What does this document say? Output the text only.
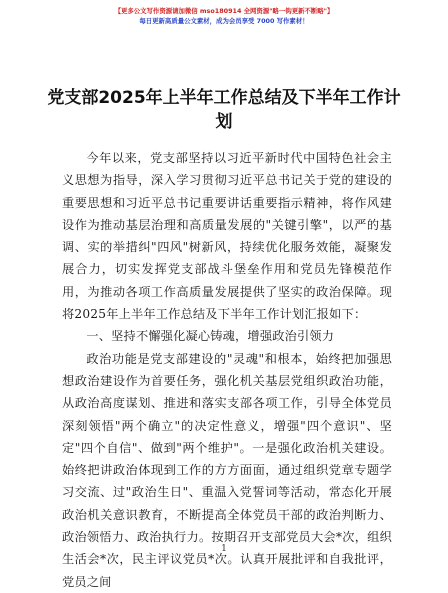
【更多公文写作资源请加微信 mso180914 全网资源"略一钩更新不断略"】
每日更新高质量公文素材，成为会员享受 7000 写作素材！
党支部2025年上半年工作总结及下半年工作计划

今年以来，党支部坚持以习近平新时代中国特色社会主义思想为指导，深入学习贯彻习近平总书记关于党的建设的重要思想和习近平总书记重要讲话重要指示精神，将作风建设作为推动基层治理和高质量发展的"关键引擎"，以严的基调、实的举措纠"四风"树新风，持续优化服务效能，凝聚发展合力，切实发挥党支部战斗堡垒作用和党员先锋模范作用，为推动各项工作高质量发展提供了坚实的政治保障。现将2025年上半年工作总结及下半年工作计划汇报如下：

一、坚持不懈强化凝心铸魂，增强政治引领力

政治功能是党支部建设的"灵魂"和根本，始终把加强思想政治建设作为首要任务，强化机关基层党组织政治功能，从政治高度谋划、推进和落实支部各项工作，引导全体党员深刻领悟"两个确立"的决定性意义，增强"四个意识"、坚定"四个自信"、做到"两个维护"。一是强化政治机关建设。始终把讲政治体现到工作的方方面面，通过组织党章专题学习交流、过"政治生日"、重温入党誓词等活动，常态化开展政治机关意识教育，不断提高全体党员干部的政治判断力、政治领悟力、政治执行力。按期召开支部党员大会*次，组织生活会*次，民主评议党员*次。认真开展批评和自我批评，党员之间

1
